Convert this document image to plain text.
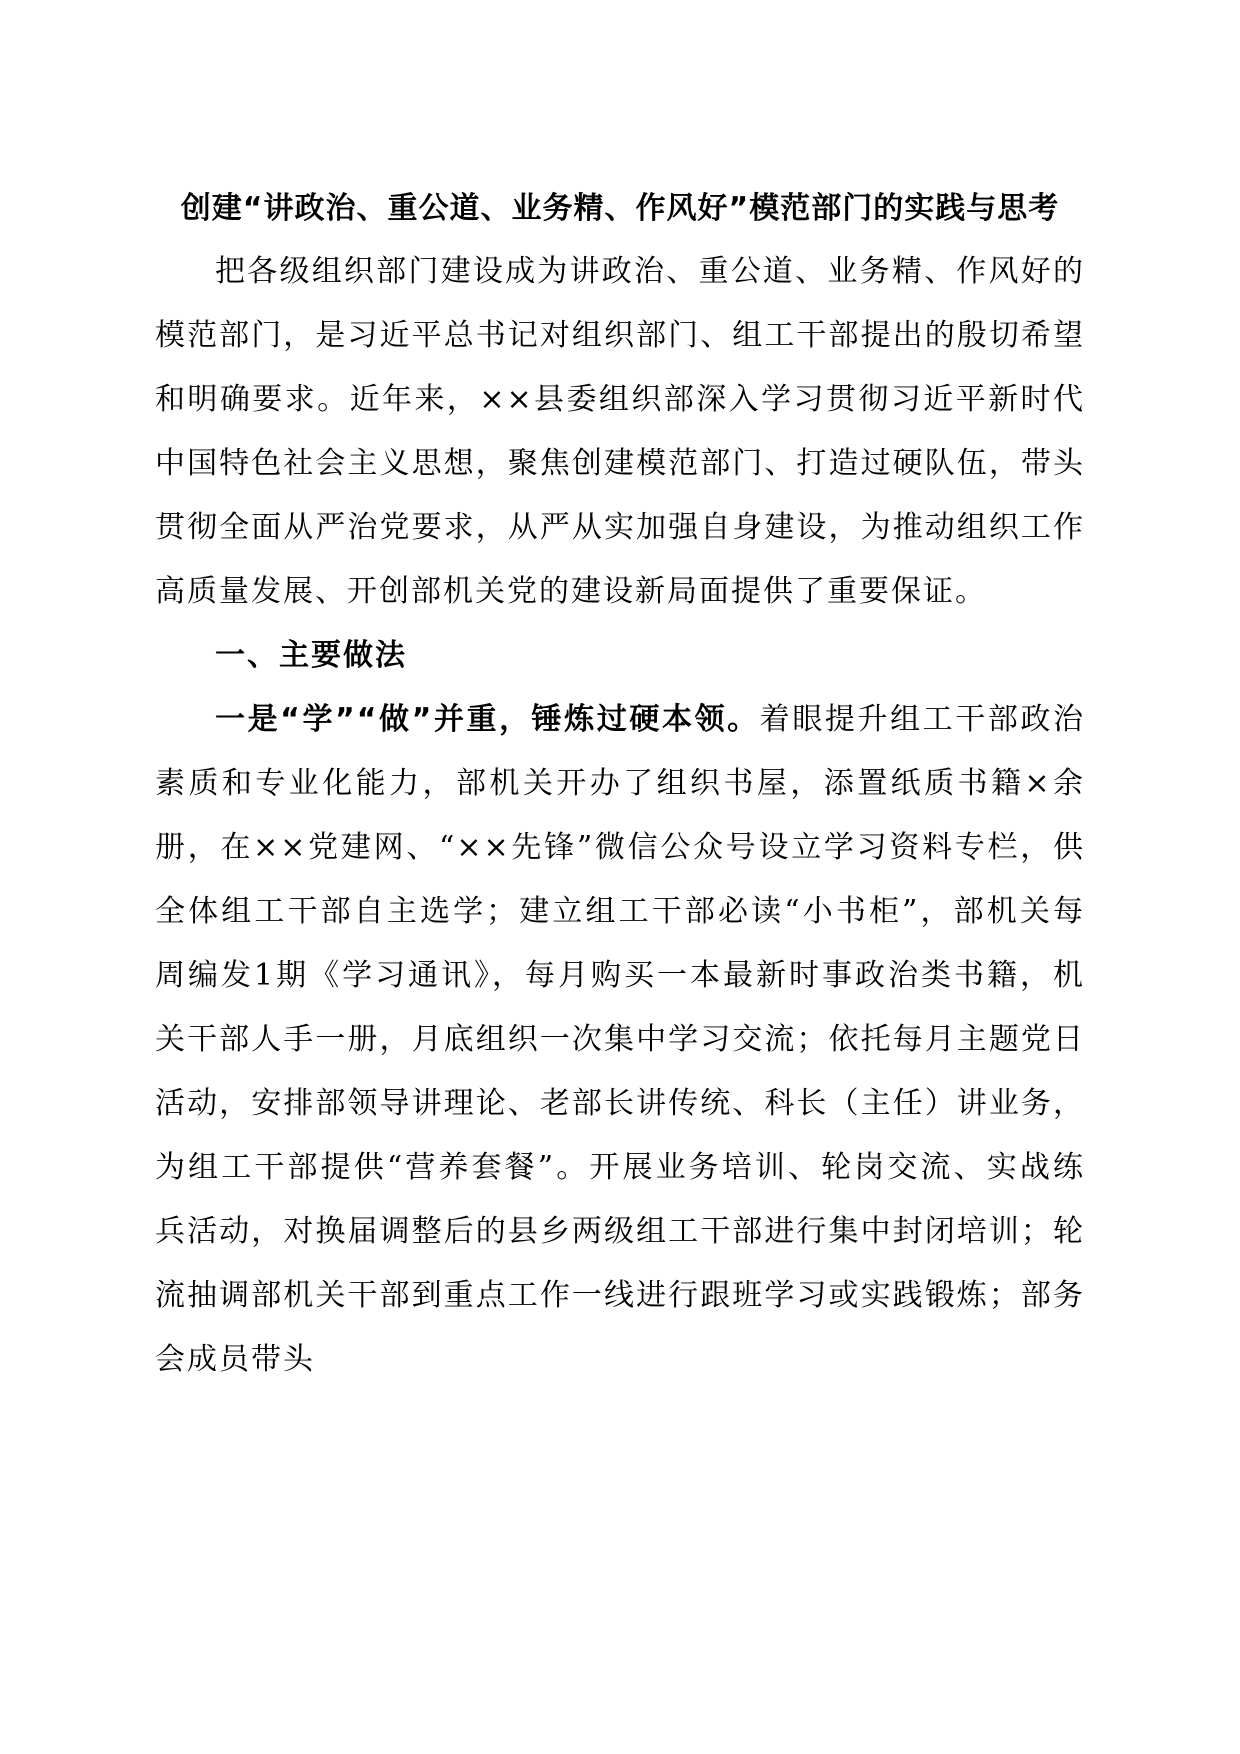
创建“讲政治、重公道、业务精、作风好”模范部门的实践与思考

把各级组织部门建设成为讲政治、重公道、业务精、作风好的模范部门，是习近平总书记对组织部门、组工干部提出的殷切希望和明确要求。近年来，××县委组织部深入学习贯彻习近平新时代中国特色社会主义思想，聚焦创建模范部门、打造过硬队伍，带头贯彻全面从严治党要求，从严从实加强自身建设，为推动组织工作高质量发展、开创部机关党的建设新局面提供了重要保证。

一、主要做法

一是“学”“做”并重，锤炼过硬本领。着眼提升组工干部政治素质和专业化能力，部机关开办了组织书屋，添置纸质书籍×余册，在××党建网、“××先锋”微信公众号设立学习资料专栏，供全体组工干部自主选学；建立组工干部必读“小书柜”，部机关每周编发1期《学习通讯》，每月购买一本最新时事政治类书籍，机关干部人手一册，月底组织一次集中学习交流；依托每月主题党日活动，安排部领导讲理论、老部长讲传统、科长（主任）讲业务，为组工干部提供“营养套餐”。开展业务培训、轮岗交流、实战练兵活动，对换届调整后的县乡两级组工干部进行集中封闭培训；轮流抽调部机关干部到重点工作一线进行跟班学习或实践锻炼；部务会成员带头
